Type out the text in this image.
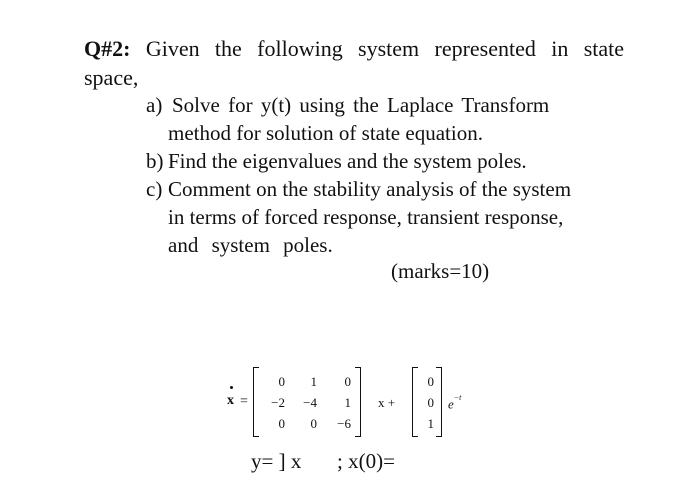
Q#2: Given the following system represented in state
space,
a) Solve for y(t) using the Laplace Transform
method for solution of state equation.
b) Find the eigenvalues and the system poles.
c) Comment on the stability analysis of the system
in terms of forced response, transient response,
and system poles.
(marks=10)
x =
0	1	0
−2	−4	1
0	0	−6
x +
0
0
1
$e^{-t}$
y= ] x ; x(0)=
